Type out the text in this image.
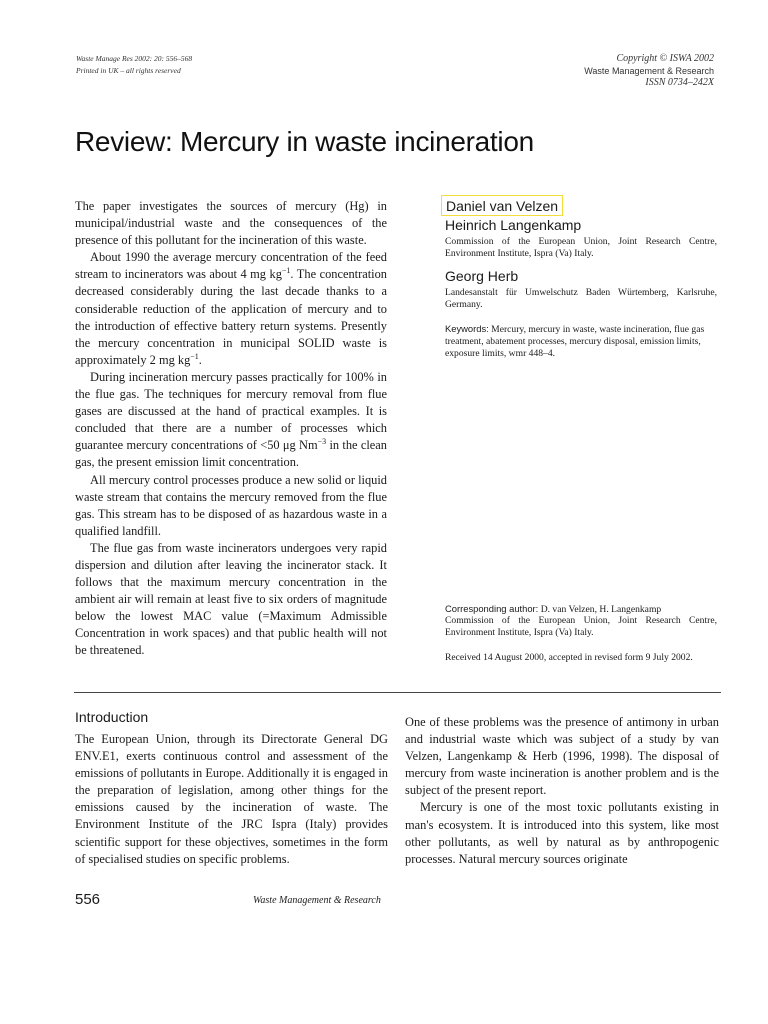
Waste Manage Res 2002: 20: 556–568
Printed in UK – all rights reserved
Copyright © ISWA 2002
Waste Management & Research
ISSN 0734–242X
Review: Mercury in waste incineration

The paper investigates the sources of mercury (Hg) in municipal/industrial waste and the consequences of the presence of this pollutant for the incineration of this waste.

About 1990 the average mercury concentration of the feed stream to incinerators was about 4 mg $kg^{-1}$. The concentration decreased considerably during the last decade thanks to a considerable reduction of the application of mercury and to the introduction of effective battery return systems. Presently the mercury concentration in municipal SOLID waste is approximately 2 mg $kg^{-1}$.

During incineration mercury passes practically for 100% in the flue gas. The techniques for mercury removal from flue gases are discussed at the hand of practical examples. It is concluded that there are a number of processes which guarantee mercury concentrations of <50 μg $Nm^{-3}$ in the clean gas, the present emission limit concentration.

All mercury control processes produce a new solid or liquid waste stream that contains the mercury removed from the flue gas. This stream has to be disposed of as hazardous waste in a qualified landfill.

The flue gas from waste incinerators undergoes very rapid dispersion and dilution after leaving the incinerator stack. It follows that the maximum mercury concentration in the ambient air will remain at least five to six orders of magnitude below the lowest MAC value (=Maximum Admissible Concentration in work spaces) and that public health will not be threatened.

Daniel van Velzen
Heinrich Langenkamp
Commission of the European Union, Joint Research Centre, Environment Institute, Ispra (Va) Italy.
Georg Herb
Landesanstalt für Umwelschutz Baden Würtemberg, Karlsruhe, Germany.
Keywords: Mercury, mercury in waste, waste incineration, flue gas treatment, abatement processes, mercury disposal, emission limits, exposure limits, wmr 448–4.
Corresponding author: D. van Velzen, H. Langenkamp
Commission of the European Union, Joint Research Centre, Environment Institute, Ispra (Va) Italy.
Received 14 August 2000, accepted in revised form 9 July 2002.
Introduction

The European Union, through its Directorate General DG ENV.E1, exerts continuous control and assessment of the emissions of pollutants in Europe. Additionally it is engaged in the preparation of legislation, among other things for the emissions caused by the incineration of waste. The Environment Institute of the JRC Ispra (Italy) provides scientific support for these objectives, sometimes in the form of specialised studies on specific problems.

One of these problems was the presence of antimony in urban and industrial waste which was subject of a study by van Velzen, Langenkamp & Herb (1996, 1998). The disposal of mercury from waste incineration is another problem and is the subject of the present report.

Mercury is one of the most toxic pollutants existing in man's ecosystem. It is introduced into this system, like most other pollutants, as well by natural as by anthropogenic processes. Natural mercury sources originate

556	Waste Management & Research
